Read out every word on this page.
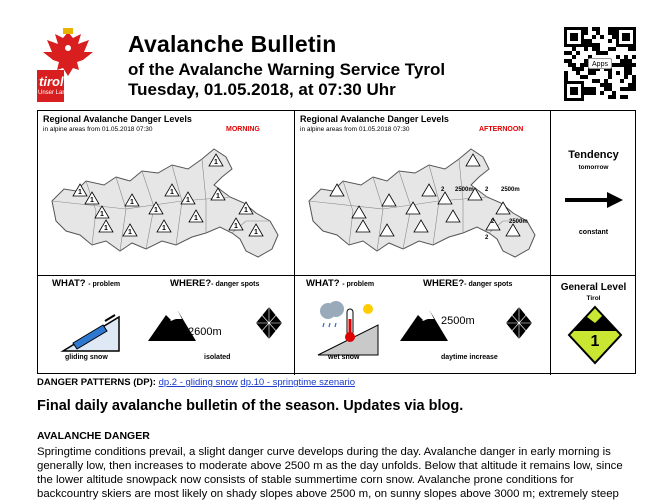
tirol
Unser Land
Avalanche Bulletin
of the Avalanche Warning Service Tyrol
Tuesday, 01.05.2018, at 07:30 Uhr
Apps
Regional Avalanche Danger Levels
in alpine areas from 01.05.2018 07:30	MORNING
1
1
1
1
1
1
1
1
1
1
1
1	1
1
1
1
Regional Avalanche Danger Levels
in alpine areas from 01.05.2018 07:30	AFTERNOON
2 2500m 2 2500m
2 2500m
2
Tendency
tomorrow
constant
General Level
Tirol
1
WHAT? - problem	WHERE?- danger spots
gliding snow
2600m
isolated
WHAT? - problem	WHERE?- danger spots
wet snow
2500m
daytime increase
DANGER PATTERNS (DP): dp.2 - gliding snow dp.10 - springtime szenario
Final daily avalanche bulletin of the season. Updates via blog.
AVALANCHE DANGER
Springtime conditions prevail, a slight danger curve develops during the day. Avalanche danger in early morning is
generally low, then increases to moderate above 2500 m as the day unfolds. Below that altitude it remains low, since
the lower altitude snowpack now consists of stable summertime corn snow. Avalanche prone conditions for
backcountry skiers are most likely on shady slopes above 2500 m, on sunny slopes above 3000 m; extremely steep
